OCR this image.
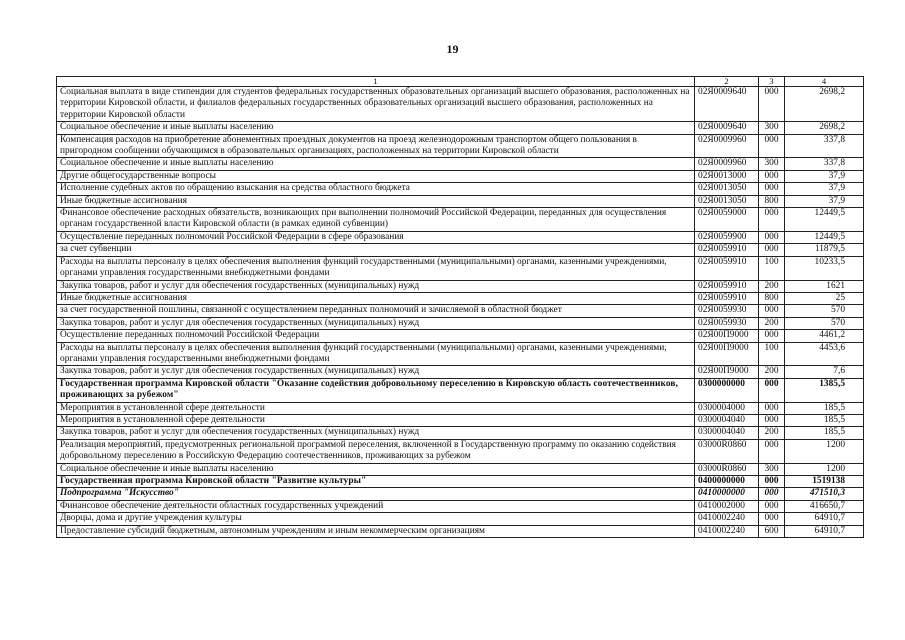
19
1	2	3	4
Социальная выплата в виде стипендии для студентов федеральных государственных образовательных организаций высшего образования, расположенных на территории Кировской области, и филиалов федеральных государственных образовательных организаций высшего образования, расположенных на территории Кировской области	02Я0009640	000	2698,2
Социальное обеспечение и иные выплаты населению	02Я0009640	300	2698,2
Компенсация расходов на приобретение абонементных проездных документов на проезд железнодорожным транспортом общего пользования в пригородном сообщении обучающимся в образовательных организациях, расположенных на территории Кировской области	02Я0009960	000	337,8
Социальное обеспечение и иные выплаты населению	02Я0009960	300	337,8
Другие общегосударственные вопросы	02Я0013000	000	37,9
Исполнение судебных актов по обращению взыскания на средства областного бюджета	02Я0013050	000	37,9
Иные бюджетные ассигнования	02Я0013050	800	37,9
Финансовое обеспечение расходных обязательств, возникающих при выполнении полномочий Российской Федерации, переданных для осуществления органам государственной власти Кировской области (в рамках единой субвенции)	02Я0059000	000	12449,5
Осуществление переданных полномочий Российской Федерации в сфере образования	02Я0059900	000	12449,5
за счет субвенции	02Я0059910	000	11879,5
Расходы на выплаты персоналу в целях обеспечения выполнения функций государственными (муниципальными) органами, казенными учреждениями, органами управления государственными внебюджетными фондами	02Я0059910	100	10233,5
Закупка товаров, работ и услуг для обеспечения государственных (муниципальных) нужд	02Я0059910	200	1621
Иные бюджетные ассигнования	02Я0059910	800	25
за счет государственной пошлины, связанной с осуществлением переданных полномочий и зачисляемой в областной бюджет	02Я0059930	000	570
Закупка товаров, работ и услуг для обеспечения государственных (муниципальных) нужд	02Я0059930	200	570
Осуществление переданных полномочий Российской Федерации	02Я00П9000	000	4461,2
Расходы на выплаты персоналу в целях обеспечения выполнения функций государственными (муниципальными) органами, казенными учреждениями, органами управления государственными внебюджетными фондами	02Я00П9000	100	4453,6
Закупка товаров, работ и услуг для обеспечения государственных (муниципальных) нужд	02Я00П9000	200	7,6
Государственная программа Кировской области "Оказание содействия добровольному переселению в Кировскую область соотечественников, проживающих за рубежом"	0300000000	000	1385,5
Мероприятия в установленной сфере деятельности	0300004000	000	185,5
Мероприятия в установленной сфере деятельности	0300004040	000	185,5
Закупка товаров, работ и услуг для обеспечения государственных (муниципальных) нужд	0300004040	200	185,5
Реализация мероприятий, предусмотренных региональной программой переселения, включенной в Государственную программу по оказанию содействия добровольному переселению в Российскую Федерацию соотечественников, проживающих за рубежом	03000R0860	000	1200
Социальное обеспечение и иные выплаты населению	03000R0860	300	1200
Государственная программа Кировской области "Развитие культуры"	0400000000	000	1519138
Подпрограмма "Искусство"	0410000000	000	471510,3
Финансовое обеспечение деятельности областных государственных учреждений	0410002000	000	416650,7
Дворцы, дома и другие учреждения культуры	0410002240	000	64910,7
Предоставление субсидий бюджетным, автономным учреждениям и иным некоммерческим организациям	0410002240	600	64910,7
